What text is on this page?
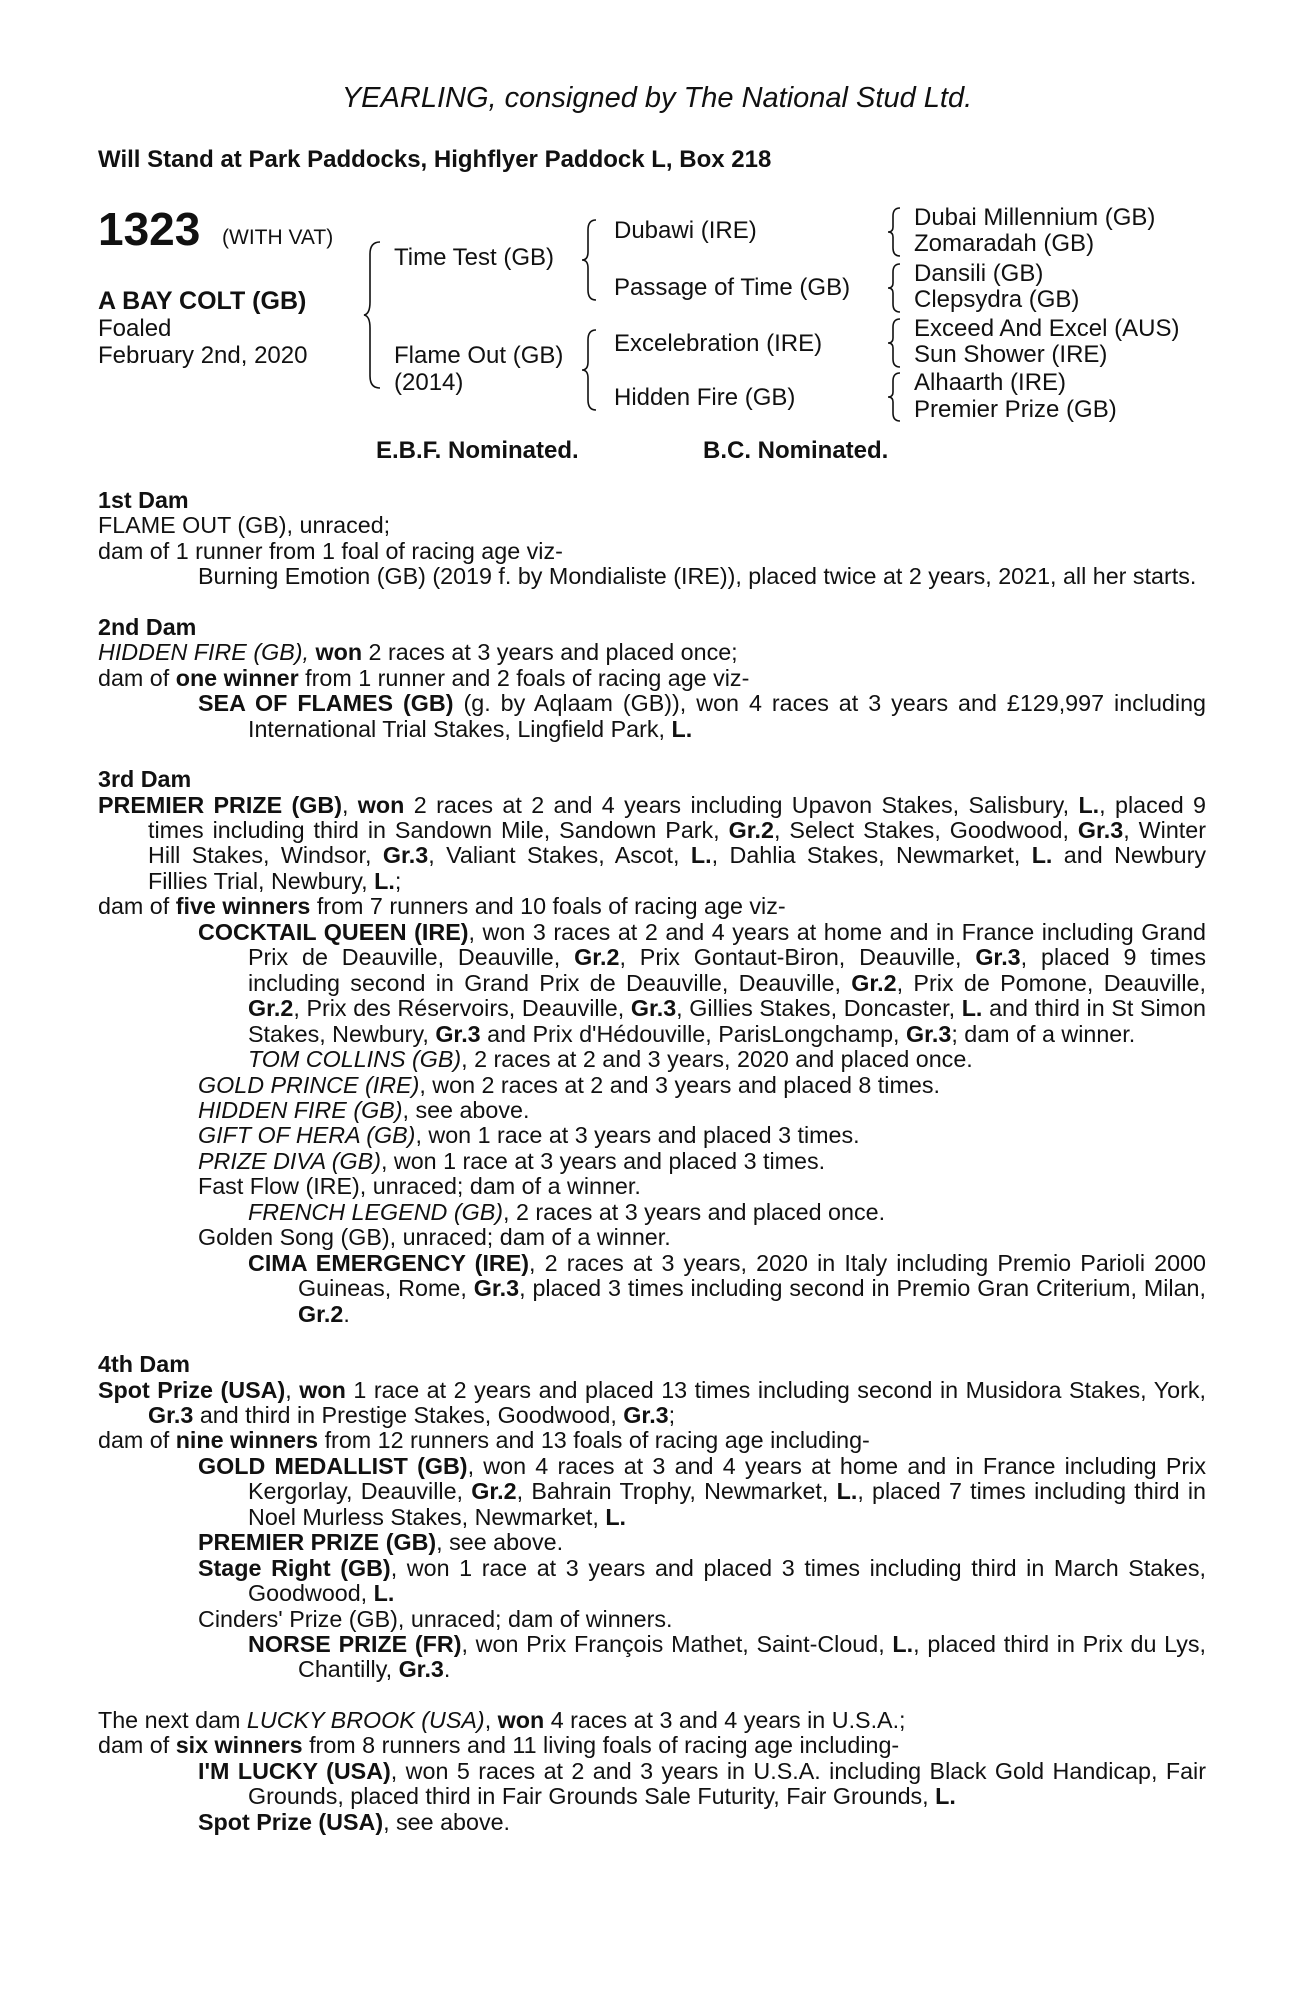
YEARLING, consigned by The National Stud Ltd.
Will Stand at Park Paddocks, Highflyer Paddock L, Box 218
1323 (WITH VAT)
A BAY COLT (GB)
Foaled
February 2nd, 2020
Time Test (GB)
Flame Out (GB)
(2014)
Dubawi (IRE)
Passage of Time (GB)
Excelebration (IRE)
Hidden Fire (GB)
Dubai Millennium (GB)
Zomaradah (GB)
Dansili (GB)
Clepsydra (GB)
Exceed And Excel (AUS)
Sun Shower (IRE)
Alhaarth (IRE)
Premier Prize (GB)
E.B.F. Nominated.	B.C. Nominated.

1st Dam

FLAME OUT (GB), unraced;

dam of 1 runner from 1 foal of racing age viz-

Burning Emotion (GB) (2019 f. by Mondialiste (IRE)), placed twice at 2 years, 2021, all her starts.

2nd Dam

HIDDEN FIRE (GB), won 2 races at 3 years and placed once;

dam of one winner from 1 runner and 2 foals of racing age viz-

SEA OF FLAMES (GB) (g. by Aqlaam (GB)), won 4 races at 3 years and £129,997 including International Trial Stakes, Lingfield Park, L.

3rd Dam

PREMIER PRIZE (GB), won 2 races at 2 and 4 years including Upavon Stakes, Salisbury, L., placed 9 times including third in Sandown Mile, Sandown Park, Gr.2, Select Stakes, Goodwood, Gr.3, Winter Hill Stakes, Windsor, Gr.3, Valiant Stakes, Ascot, L., Dahlia Stakes, Newmarket, L. and Newbury Fillies Trial, Newbury, L.;

dam of five winners from 7 runners and 10 foals of racing age viz-

COCKTAIL QUEEN (IRE), won 3 races at 2 and 4 years at home and in France including Grand Prix de Deauville, Deauville, Gr.2, Prix Gontaut-Biron, Deauville, Gr.3, placed 9 times including second in Grand Prix de Deauville, Deauville, Gr.2, Prix de Pomone, Deauville, Gr.2, Prix des Réservoirs, Deauville, Gr.3, Gillies Stakes, Doncaster, L. and third in St Simon Stakes, Newbury, Gr.3 and Prix d'Hédouville, ParisLongchamp, Gr.3; dam of a winner.

TOM COLLINS (GB), 2 races at 2 and 3 years, 2020 and placed once.

GOLD PRINCE (IRE), won 2 races at 2 and 3 years and placed 8 times.

HIDDEN FIRE (GB), see above.

GIFT OF HERA (GB), won 1 race at 3 years and placed 3 times.

PRIZE DIVA (GB), won 1 race at 3 years and placed 3 times.

Fast Flow (IRE), unraced; dam of a winner.

FRENCH LEGEND (GB), 2 races at 3 years and placed once.

Golden Song (GB), unraced; dam of a winner.

CIMA EMERGENCY (IRE), 2 races at 3 years, 2020 in Italy including Premio Parioli 2000 Guineas, Rome, Gr.3, placed 3 times including second in Premio Gran Criterium, Milan, Gr.2.

4th Dam

Spot Prize (USA), won 1 race at 2 years and placed 13 times including second in Musidora Stakes, York, Gr.3 and third in Prestige Stakes, Goodwood, Gr.3;

dam of nine winners from 12 runners and 13 foals of racing age including-

GOLD MEDALLIST (GB), won 4 races at 3 and 4 years at home and in France including Prix Kergorlay, Deauville, Gr.2, Bahrain Trophy, Newmarket, L., placed 7 times including third in Noel Murless Stakes, Newmarket, L.

PREMIER PRIZE (GB), see above.

Stage Right (GB), won 1 race at 3 years and placed 3 times including third in March Stakes, Goodwood, L.

Cinders' Prize (GB), unraced; dam of winners.

NORSE PRIZE (FR), won Prix François Mathet, Saint-Cloud, L., placed third in Prix du Lys, Chantilly, Gr.3.

The next dam LUCKY BROOK (USA), won 4 races at 3 and 4 years in U.S.A.;

dam of six winners from 8 runners and 11 living foals of racing age including-

I'M LUCKY (USA), won 5 races at 2 and 3 years in U.S.A. including Black Gold Handicap, Fair Grounds, placed third in Fair Grounds Sale Futurity, Fair Grounds, L.

Spot Prize (USA), see above.
